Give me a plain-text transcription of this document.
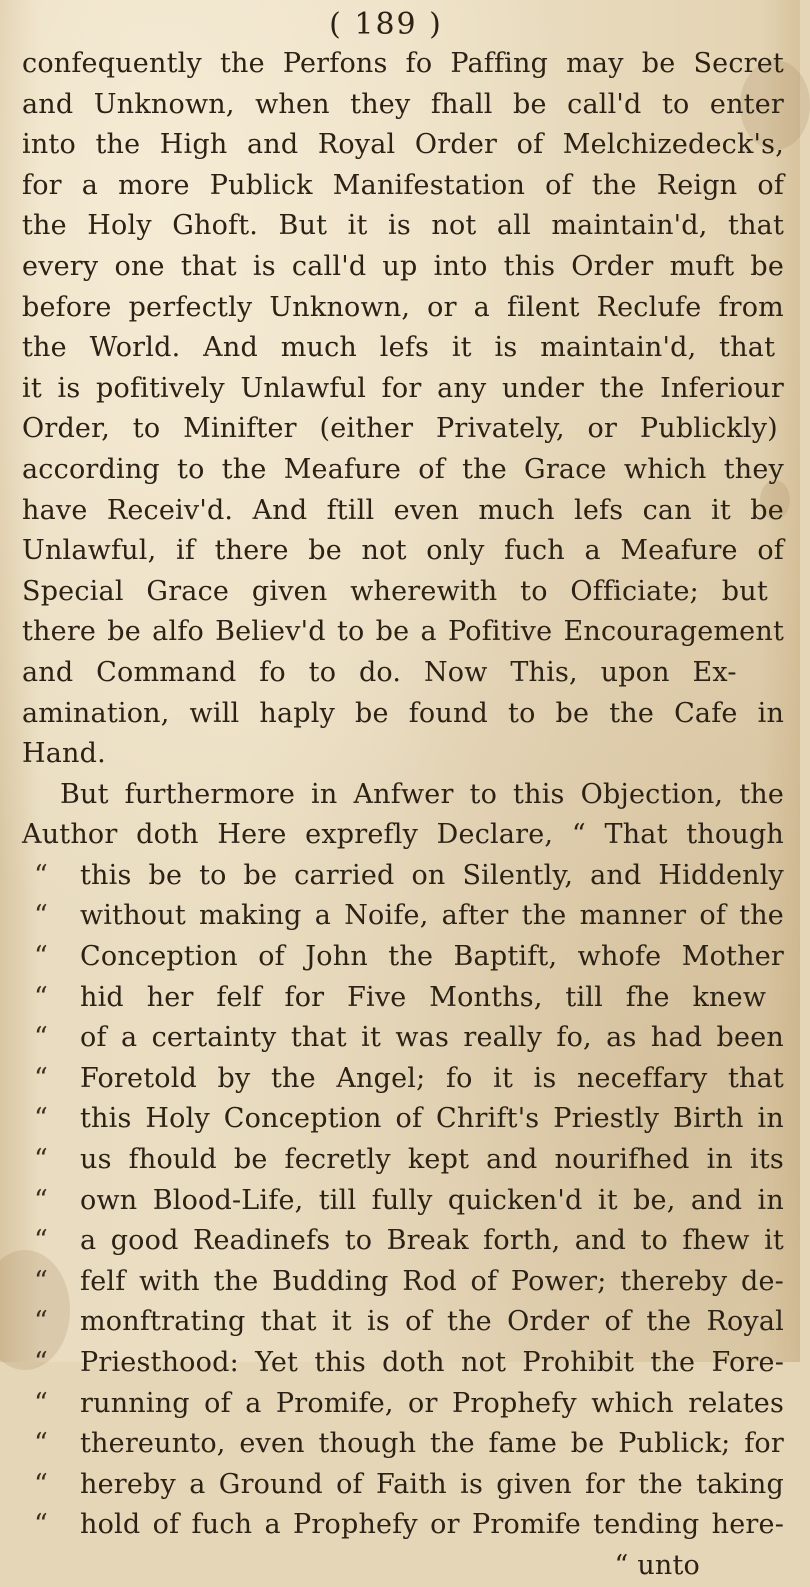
( 189 )
confequently the Perfons fo Paffing may be Secret
and Unknown, when they fhall be call'd to enter
into the High and Royal Order of Melchizedeck's,
for a more Publick Manifestation of the Reign of
the Holy Ghoft. But it is not all maintain'd, that
every one that is call'd up into this Order muft be
before perfectly Unknown, or a filent Reclufe from
the World. And much lefs it is maintain'd, that
it is pofitively Unlawful for any under the Inferiour
Order, to Minifter (either Privately, or Publickly)
according to the Meafure of the Grace which they
have Receiv'd. And ftill even much lefs can it be
Unlawful, if there be not only fuch a Meafure of
Special Grace given wherewith to Officiate; but
there be alfo Believ'd to be a Pofitive Encouragement
and Command fo to do. Now This, upon Ex-
amination, will haply be found to be the Cafe in
Hand.
But furthermore in Anfwer to this Objection, the
Author doth Here exprefly Declare, “ That though
“ this be to be carried on Silently, and Hiddenly
“ without making a Noife, after the manner of the
“ Conception of John the Baptift, whofe Mother
“ hid her felf for Five Months, till fhe knew
“ of a certainty that it was really fo, as had been
“ Foretold by the Angel; fo it is neceffary that
“ this Holy Conception of Chrift's Priestly Birth in
“ us fhould be fecretly kept and nourifhed in its
“ own Blood-Life, till fully quicken'd it be, and in
“ a good Readinefs to Break forth, and to fhew it
“ felf with the Budding Rod of Power; thereby de-
“ monftrating that it is of the Order of the Royal
“ Priesthood: Yet this doth not Prohibit the Fore-
“ running of a Promife, or Prophefy which relates
“ thereunto, even though the fame be Publick; for
“ hereby a Ground of Faith is given for the taking
“ hold of fuch a Prophefy or Promife tending here-
“ unto
